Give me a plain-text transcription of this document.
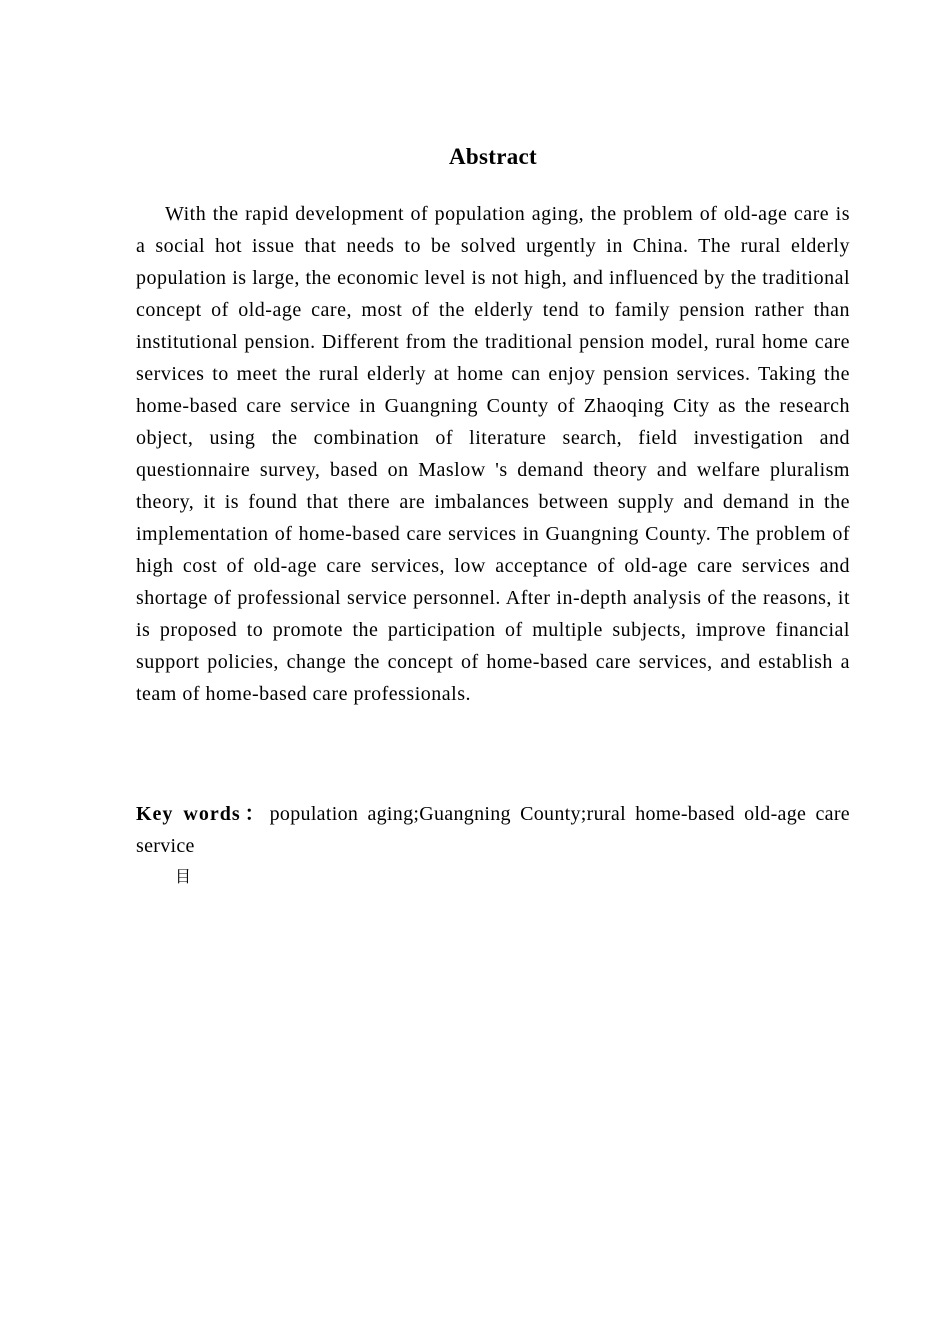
Abstract

With the rapid development of population aging, the problem of old-age care is a social hot issue that needs to be solved urgently in China. The rural elderly population is large, the economic level is not high, and influenced by the traditional concept of old-age care, most of the elderly tend to family pension rather than institutional pension. Different from the traditional pension model, rural home care services to meet the rural elderly at home can enjoy pension services. Taking the home-based care service in Guangning County of Zhaoqing City as the research object, using the combination of literature search, field investigation and questionnaire survey, based on Maslow 's demand theory and welfare pluralism theory, it is found that there are imbalances between supply and demand in the implementation of home-based care services in Guangning County. The problem of high cost of old-age care services, low acceptance of old-age care services and shortage of professional service personnel. After in-depth analysis of the reasons, it is proposed to promote the participation of multiple subjects, improve financial support policies, change the concept of home-based care services, and establish a team of home-based care professionals.

Key words：population aging;Guangning County;rural home-based old-age care service

目
